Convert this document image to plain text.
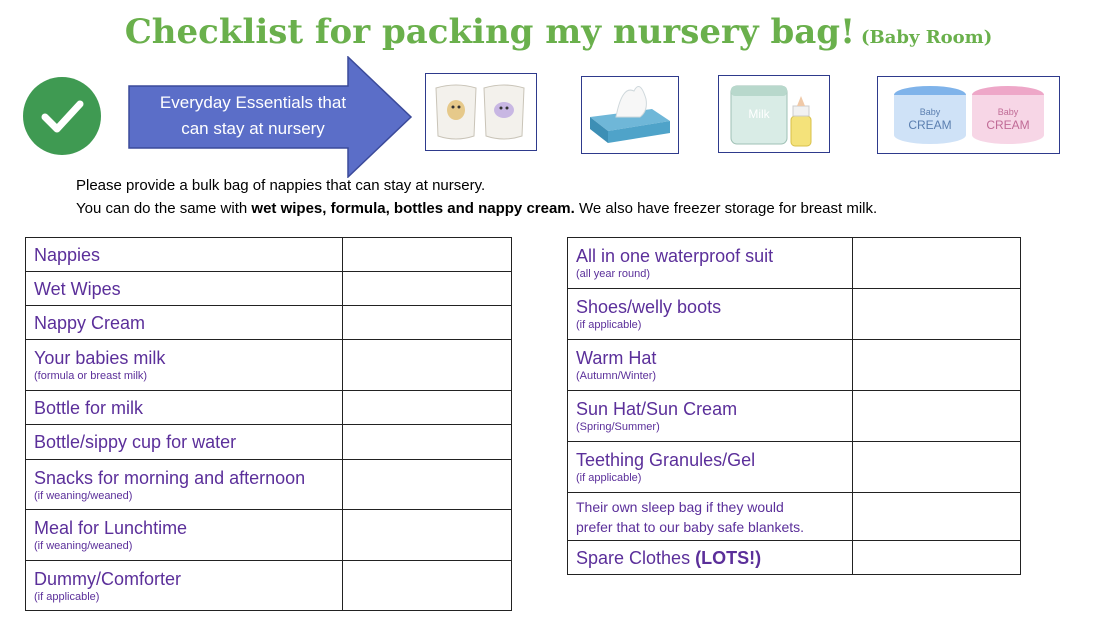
Checklist for packing my nursery bag! (Baby Room)
Everyday Essentials that
can stay at nursery
Milk	Baby
CREAM
Baby
CREAM
Please provide a bulk bag of nappies that can stay at nursery.
You can do the same with wet wipes, formula, bottles and nappy cream. We also have freezer storage for breast milk.
Nappies	

Wet Wipes	

Nappy Cream	

Your babies milk
(formula or breast milk)	

Bottle for milk	

Bottle/sippy cup for water	

Snacks for morning and afternoon
(if weaning/weaned)	

Meal for Lunchtime
(if weaning/weaned)	

Dummy/Comforter
(if applicable)	

All in one waterproof suit
(all year round)	

Shoes/welly boots
(if applicable)	

Warm Hat
(Autumn/Winter)	

Sun Hat/Sun Cream
(Spring/Summer)	

Teething Granules/Gel
(if applicable)	

Their own sleep bag if they would
prefer that to our baby safe blankets.	

Spare Clothes (LOTS!)	
